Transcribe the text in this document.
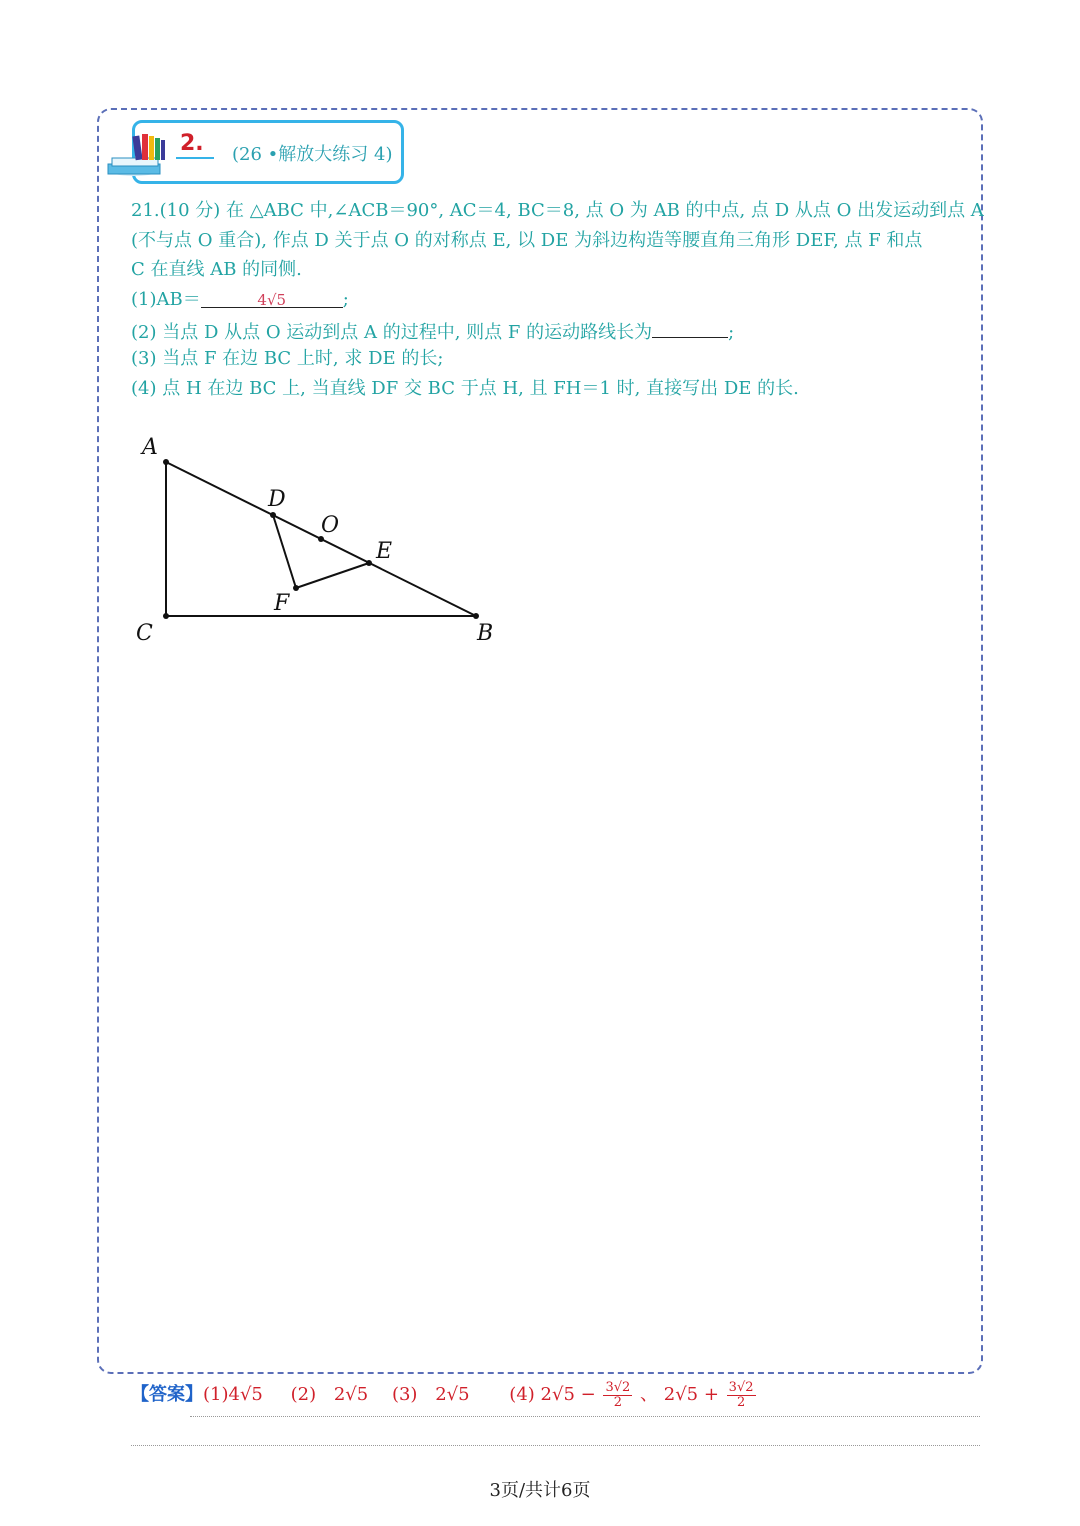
2. (26 •解放大练习 4)
21.(10 分) 在 △ABC 中,∠ACB＝90°, AC＝4, BC＝8, 点 O 为 AB 的中点, 点 D 从点 O 出发运动到点 A
(不与点 O 重合), 作点 D 关于点 O 的对称点 E, 以 DE 为斜边构造等腰直角三角形 DEF, 点 F 和点
C 在直线 AB 的同侧.
(1)AB＝	4√5	;
(2) 当点 D 从点 O 运动到点 A 的过程中, 则点 F 的运动路线长为	;
(3) 当点 F 在边 BC 上时, 求 DE 的长;
(4) 点 H 在边 BC 上, 当直线 DF 交 BC 于点 H, 且 FH＝1 时, 直接写出 DE 的长.
A
C	B
D
O
E
F
【答案】(1)4√5 (2) 2√5 (3) 2√5 (4) $2√5 - \frac{3√2}{2}$ 、 $2√5 + \frac{3√2}{2}$
3页/共计6页
